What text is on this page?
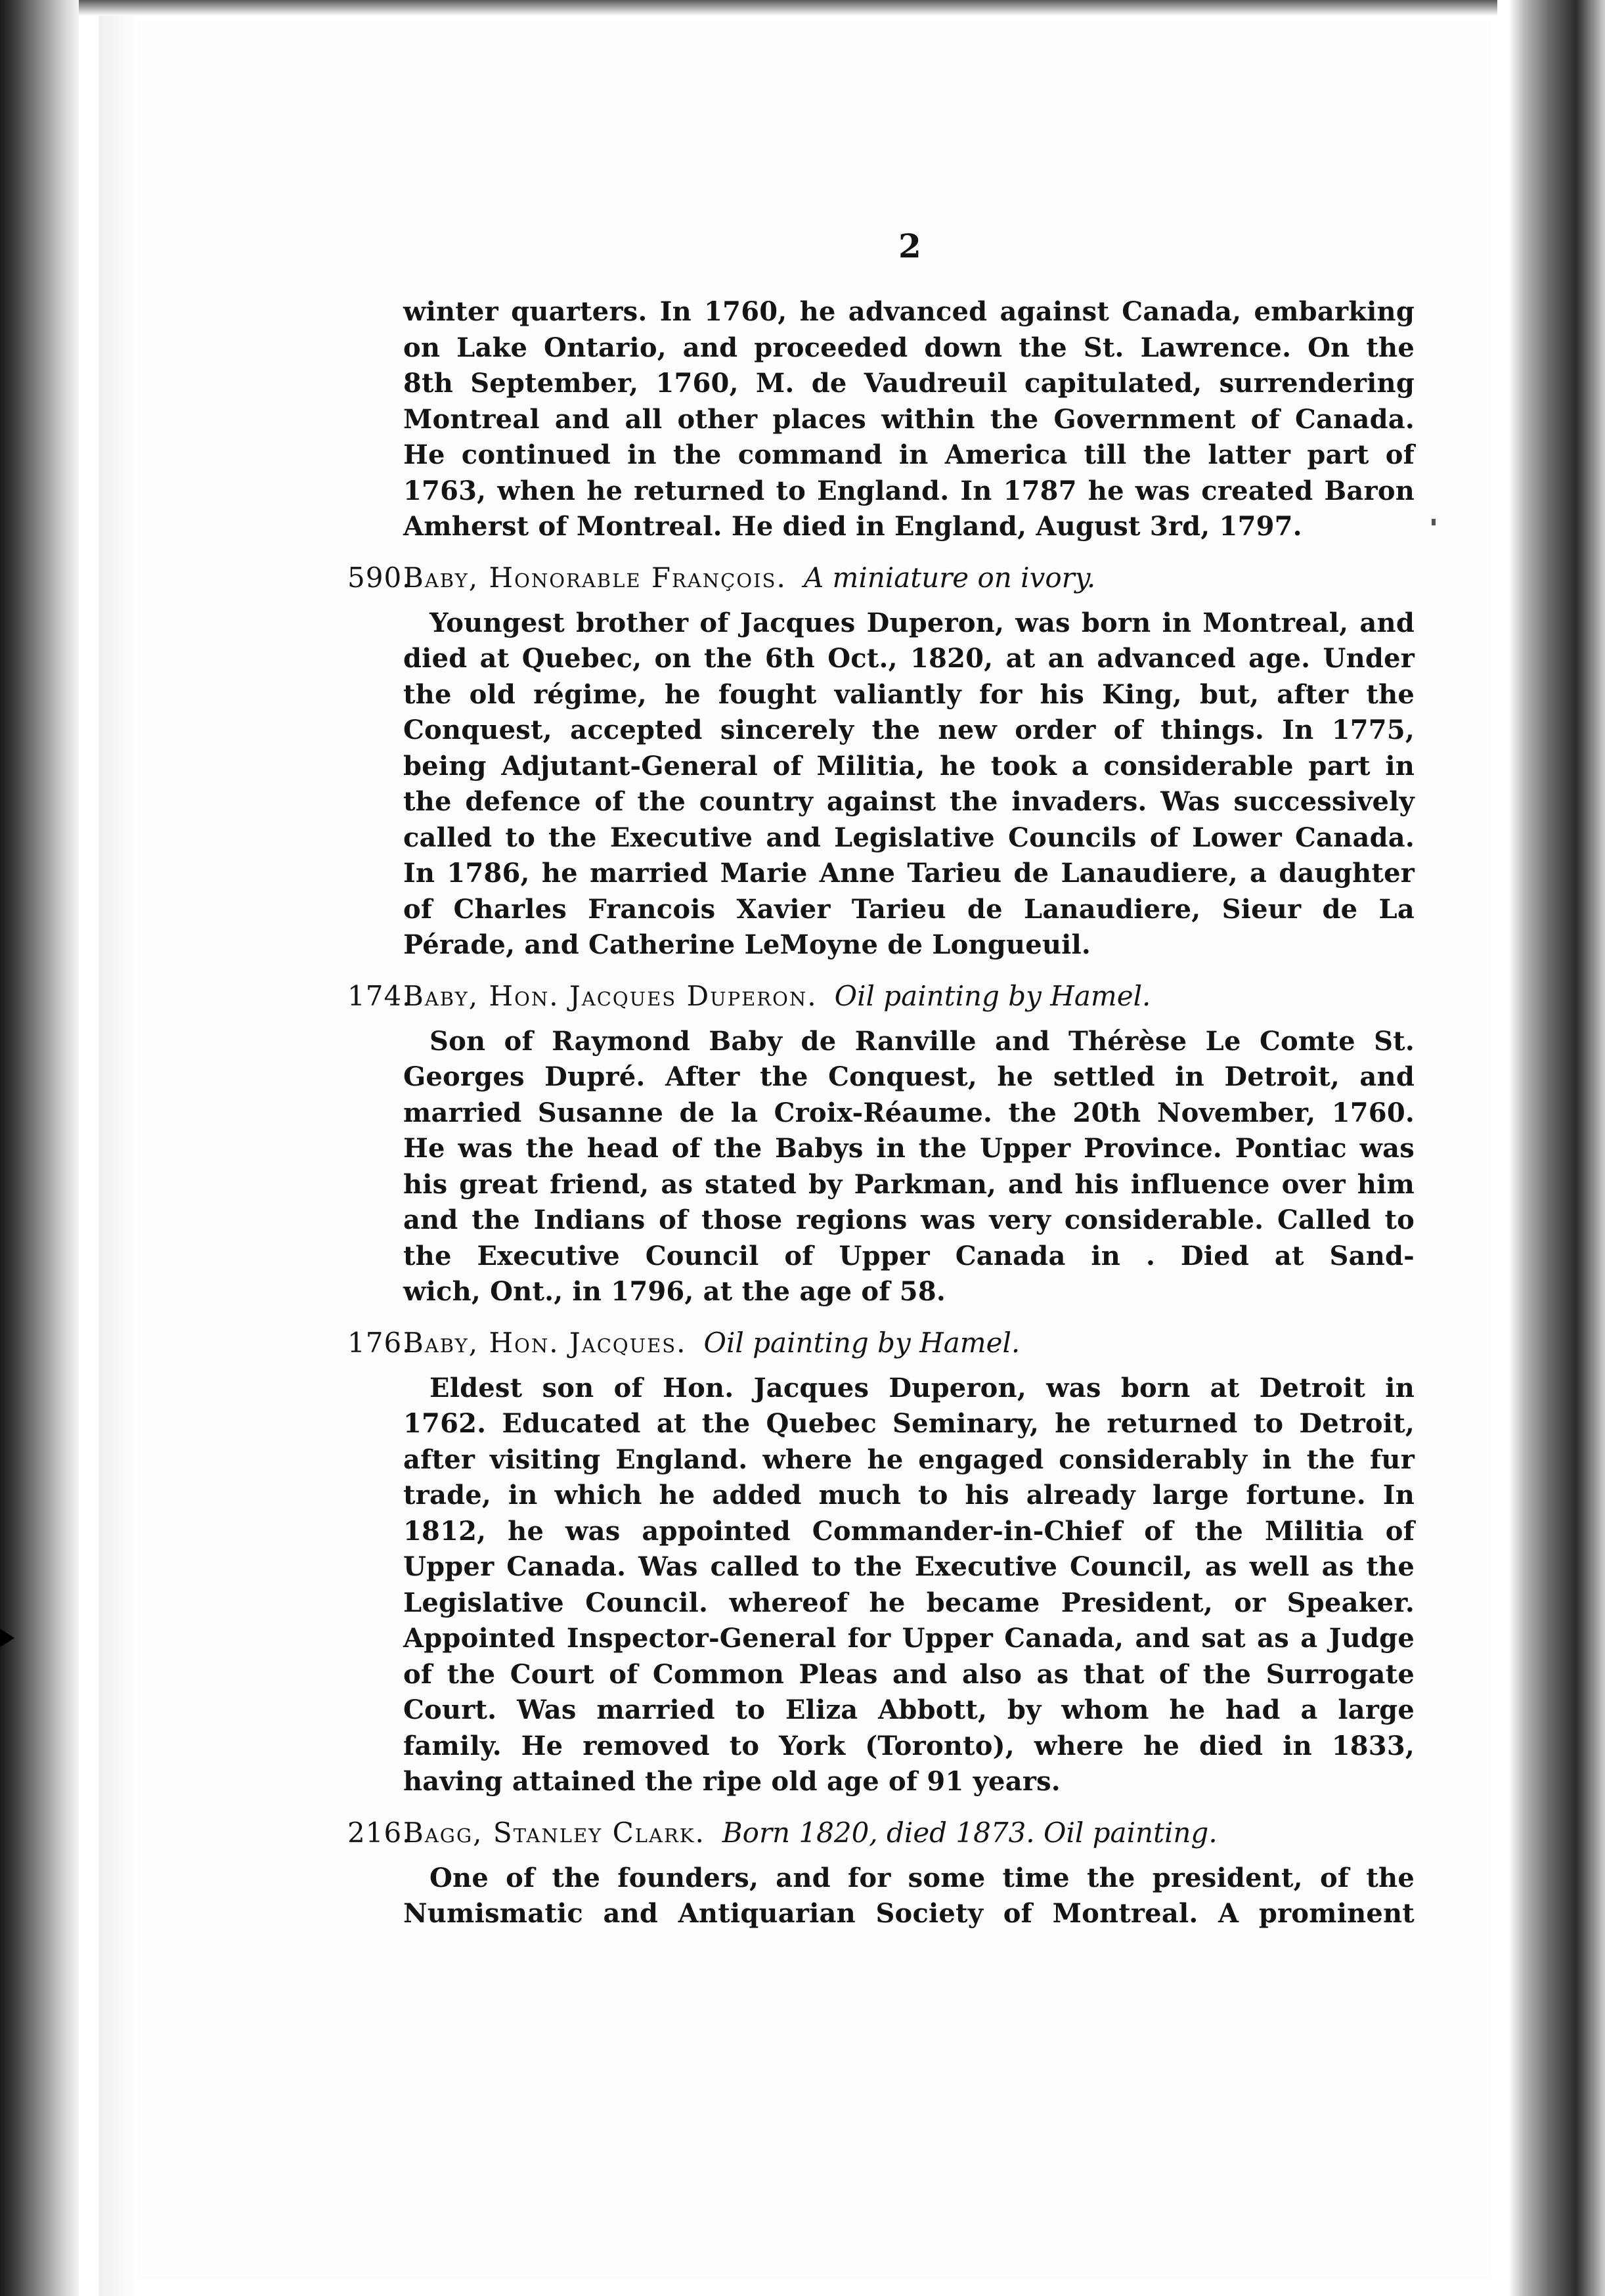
2
winter quarters. In 1760, he advanced against Canada, embarking
on Lake Ontario, and proceeded down the St. Lawrence. On the
8th September, 1760, M. de Vaudreuil capitulated, surrendering
Montreal and all other places within the Government of Canada.
He continued in the command in America till the latter part of
1763, when he returned to England. In 1787 he was created Baron
Amherst of Montreal. He died in England, August 3rd, 1797.
590.Baby, Honorable François. A miniature on ivory.
Youngest brother of Jacques Duperon, was born in Montreal, and
died at Quebec, on the 6th Oct., 1820, at an advanced age. Under
the old régime, he fought valiantly for his King, but, after the
Conquest, accepted sincerely the new order of things. In 1775,
being Adjutant-General of Militia, he took a considerable part in
the defence of the country against the invaders. Was successively
called to the Executive and Legislative Councils of Lower Canada.
In 1786, he married Marie Anne Tarieu de Lanaudiere, a daughter
of Charles Francois Xavier Tarieu de Lanaudiere, Sieur de La
Pérade, and Catherine LeMoyne de Longueuil.
174.Baby, Hon. Jacques Duperon. Oil painting by Hamel.
Son of Raymond Baby de Ranville and Thérèse Le Comte St.
Georges Dupré. After the Conquest, he settled in Detroit, and
married Susanne de la Croix-Réaume. the 20th November, 1760.
He was the head of the Babys in the Upper Province. Pontiac was
his great friend, as stated by Parkman, and his influence over him
and the Indians of those regions was very considerable. Called to
the Executive Council of Upper Canada in . Died at Sand-
wich, Ont., in 1796, at the age of 58.
176.Baby, Hon. Jacques. Oil painting by Hamel.
Eldest son of Hon. Jacques Duperon, was born at Detroit in
1762. Educated at the Quebec Seminary, he returned to Detroit,
after visiting England. where he engaged considerably in the fur
trade, in which he added much to his already large fortune. In
1812, he was appointed Commander-in-Chief of the Militia of
Upper Canada. Was called to the Executive Council, as well as the
Legislative Council. whereof he became President, or Speaker.
Appointed Inspector-General for Upper Canada, and sat as a Judge
of the Court of Common Pleas and also as that of the Surrogate
Court. Was married to Eliza Abbott, by whom he had a large
family. He removed to York (Toronto), where he died in 1833,
having attained the ripe old age of 91 years.
216.Bagg, Stanley Clark. Born 1820, died 1873. Oil painting.
One of the founders, and for some time the president, of the
Numismatic and Antiquarian Society of Montreal. A prominent
